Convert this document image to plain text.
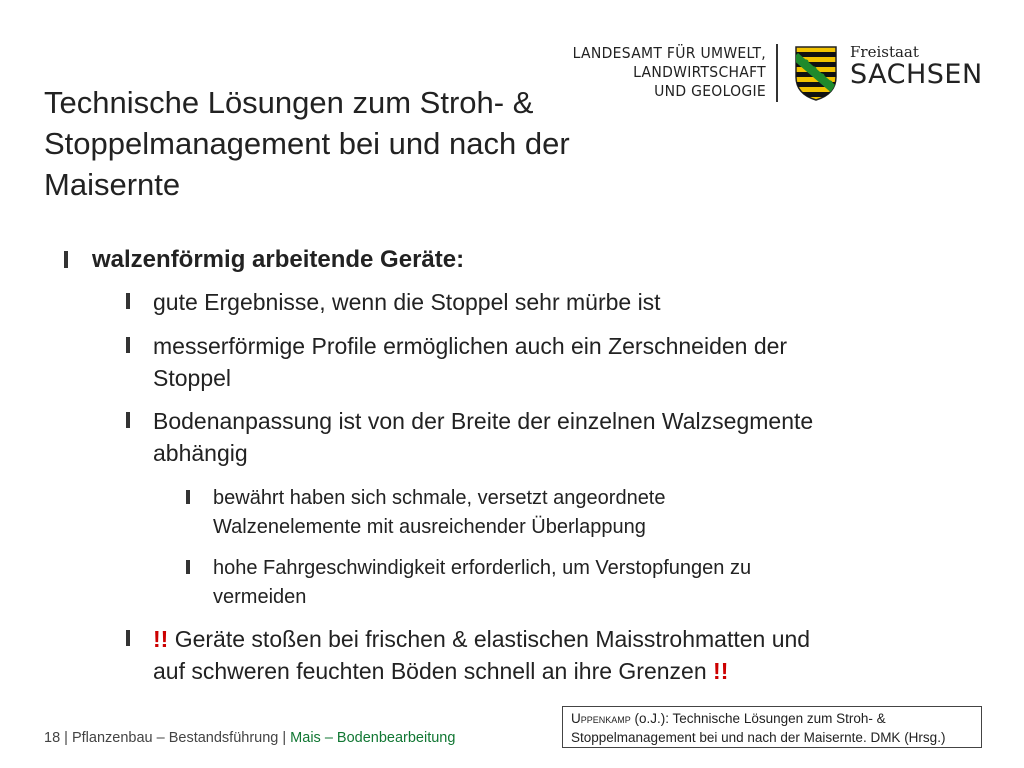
LANDESAMT FÜR UMWELT,
LANDWIRTSCHAFT
UND GEOLOGIE
Freistaat
SACHSEN
Technische Lösungen zum Stroh- &
Stoppelmanagement bei und nach der
Maisernte
walzenförmig arbeitende Geräte:
gute Ergebnisse, wenn die Stoppel sehr mürbe ist
messerförmige Profile ermöglichen auch ein Zerschneiden der
Stoppel
Bodenanpassung ist von der Breite der einzelnen Walzsegmente
abhängig
bewährt haben sich schmale, versetzt angeordnete
Walzenelemente mit ausreichender Überlappung
hohe Fahrgeschwindigkeit erforderlich, um Verstopfungen zu
vermeiden
!! Geräte stoßen bei frischen & elastischen Maisstrohmatten und
auf schweren feuchten Böden schnell an ihre Grenzen !!
18 | Pflanzenbau – Bestandsführung | Mais – Bodenbearbeitung
Uppenkamp (o.J.): Technische Lösungen zum Stroh- &
Stoppelmanagement bei und nach der Maisernte. DMK (Hrsg.)
